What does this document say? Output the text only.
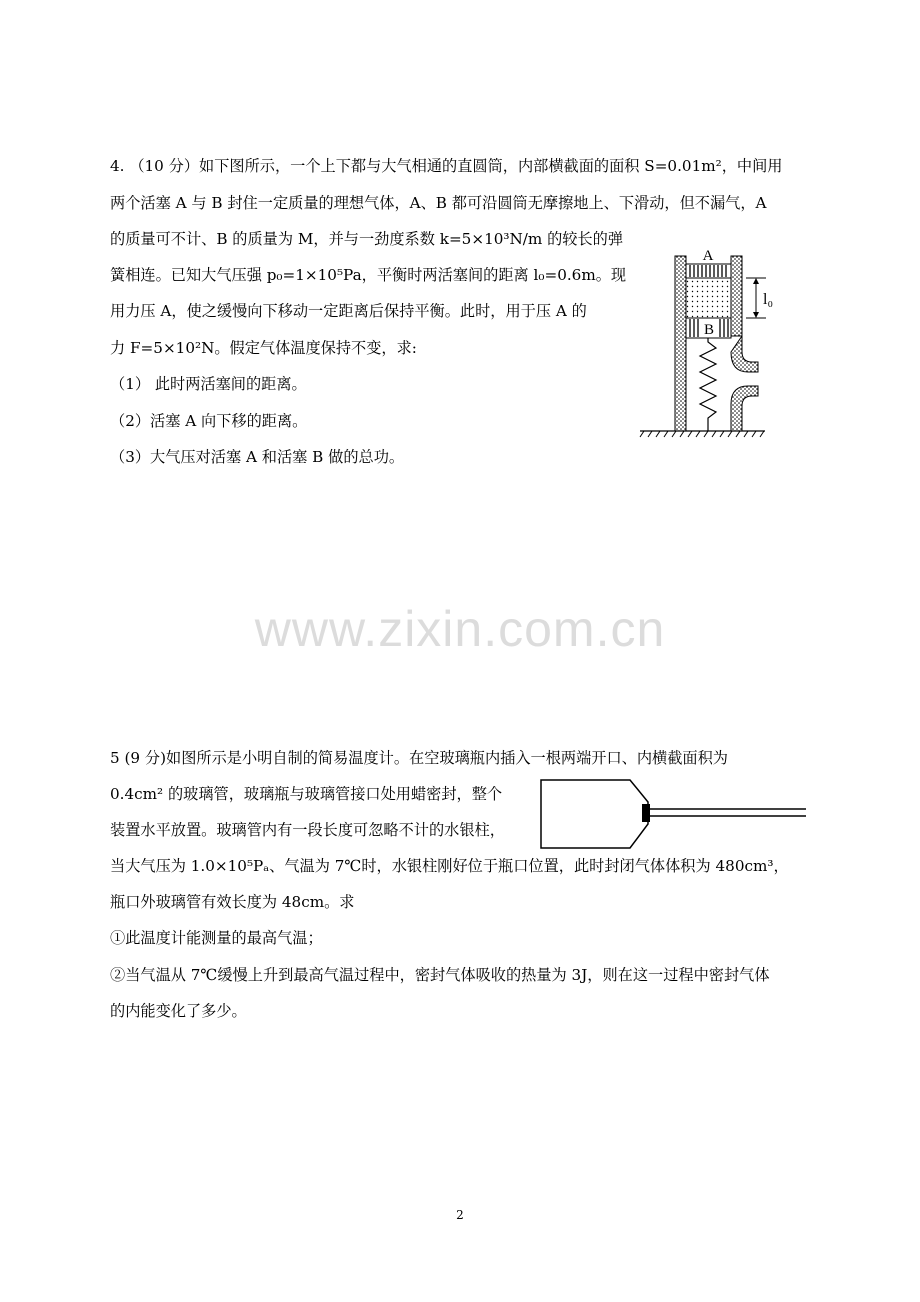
4. （10 分）如下图所示，一个上下都与大气相通的直圆筒，内部横截面的面积 S=0.01m²，中间用
两个活塞 A 与 B 封住一定质量的理想气体，A、B 都可沿圆筒无摩擦地上、下滑动，但不漏气，A
的质量可不计、B 的质量为 M，并与一劲度系数 k=5×10³N/m 的较长的弹
簧相连。已知大气压强 p₀=1×10⁵Pa，平衡时两活塞间的距离 l₀=0.6m。现
用力压 A，使之缓慢向下移动一定距离后保持平衡。此时，用于压 A 的
力 F=5×10²N。假定气体温度保持不变，求:
（1） 此时两活塞间的距离。
（2）活塞 A 向下移的距离。
（3）大气压对活塞 A 和活塞 B 做的总功。
B
A
l₀
www.zixin.com.cn
5 (9 分)如图所示是小明自制的简易温度计。在空玻璃瓶内插入一根两端开口、内横截面积为
0.4cm² 的玻璃管，玻璃瓶与玻璃管接口处用蜡密封，整个
装置水平放置。玻璃管内有一段长度可忽略不计的水银柱，
当大气压为 1.0×10⁵Pₐ、气温为 7℃时，水银柱刚好位于瓶口位置，此时封闭气体体积为 480cm³，
瓶口外玻璃管有效长度为 48cm。求
①此温度计能测量的最高气温；
②当气温从 7℃缓慢上升到最高气温过程中，密封气体吸收的热量为 3J，则在这一过程中密封气体
的内能变化了多少。
2
